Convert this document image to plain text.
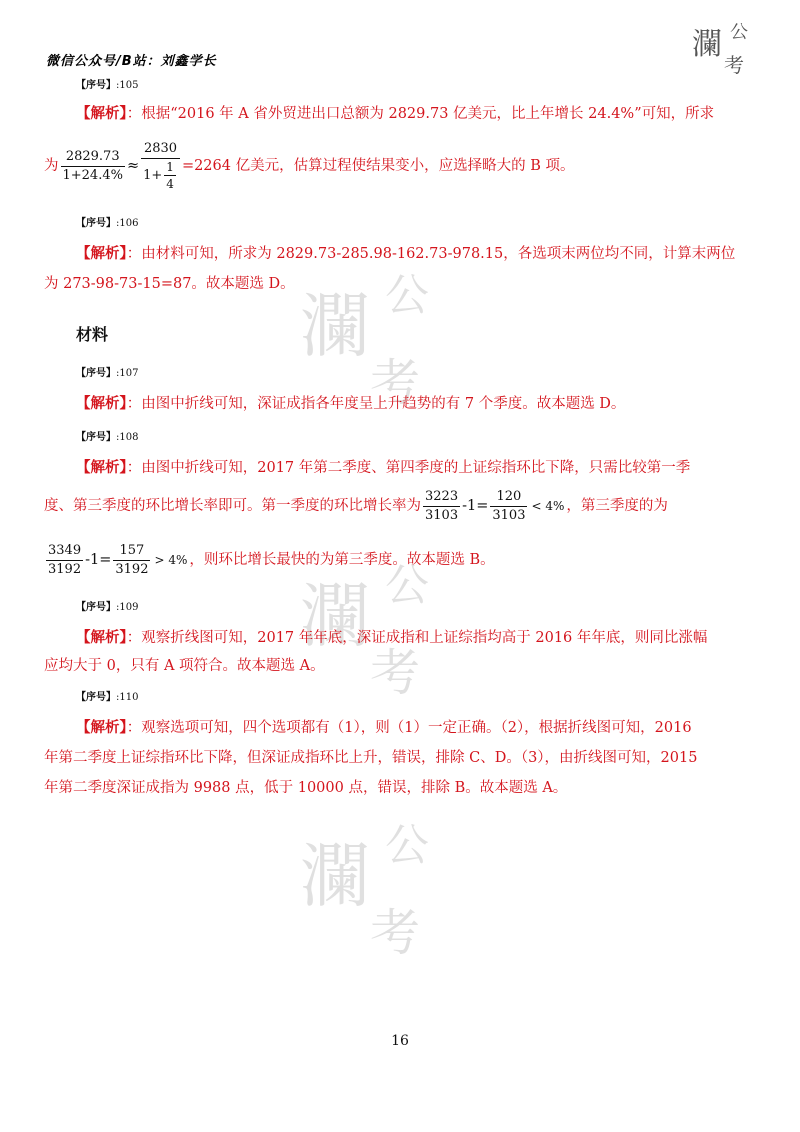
微信公众号/B站：刘鑫学长	瀾 公
考
瀾 公
考
瀾 公
考
瀾 公
考
【序号】:105
【解析】：根据“2016 年 A 省外贸进出口总额为 2829.73 亿美元，比上年增长 24.4%”可知，所求
为 $\frac{2829.73}{1+24.4\%} \approx \frac{2830}{1+ \frac{1}{4}} =2264$ 亿美元，估算过程使结果变小，应选择略大的 B 项。
【序号】:106
【解析】：由材料可知，所求为 2829.73-285.98-162.73-978.15，各选项末两位均不同，计算末两位
为 273-98-73-15=87。故本题选 D。
材料
【序号】:107
【解析】：由图中折线可知，深证成指各年度呈上升趋势的有 7 个季度。故本题选 D。
【序号】:108
【解析】：由图中折线可知，2017 年第二季度、第四季度的上证综指环比下降，只需比较第一季
度、第三季度的环比增长率即可。第一季度的环比增长率为 $\frac{3223}{3103} -1= \frac{120}{3103} < 4\%$ ，第三季度的为
$\frac{3349}{3192} -1= \frac{157}{3192} > 4\%$ ，则环比增长最快的为第三季度。故本题选 B。
【序号】:109
【解析】：观察折线图可知，2017 年年底，深证成指和上证综指均高于 2016 年年底，则同比涨幅
应均大于 0，只有 A 项符合。故本题选 A。
【序号】:110
【解析】：观察选项可知，四个选项都有（1），则（1）一定正确。（2），根据折线图可知，2016
年第二季度上证综指环比下降，但深证成指环比上升，错误，排除 C、D。（3），由折线图可知，2015
年第二季度深证成指为 9988 点，低于 10000 点，错误，排除 B。故本题选 A。
16
